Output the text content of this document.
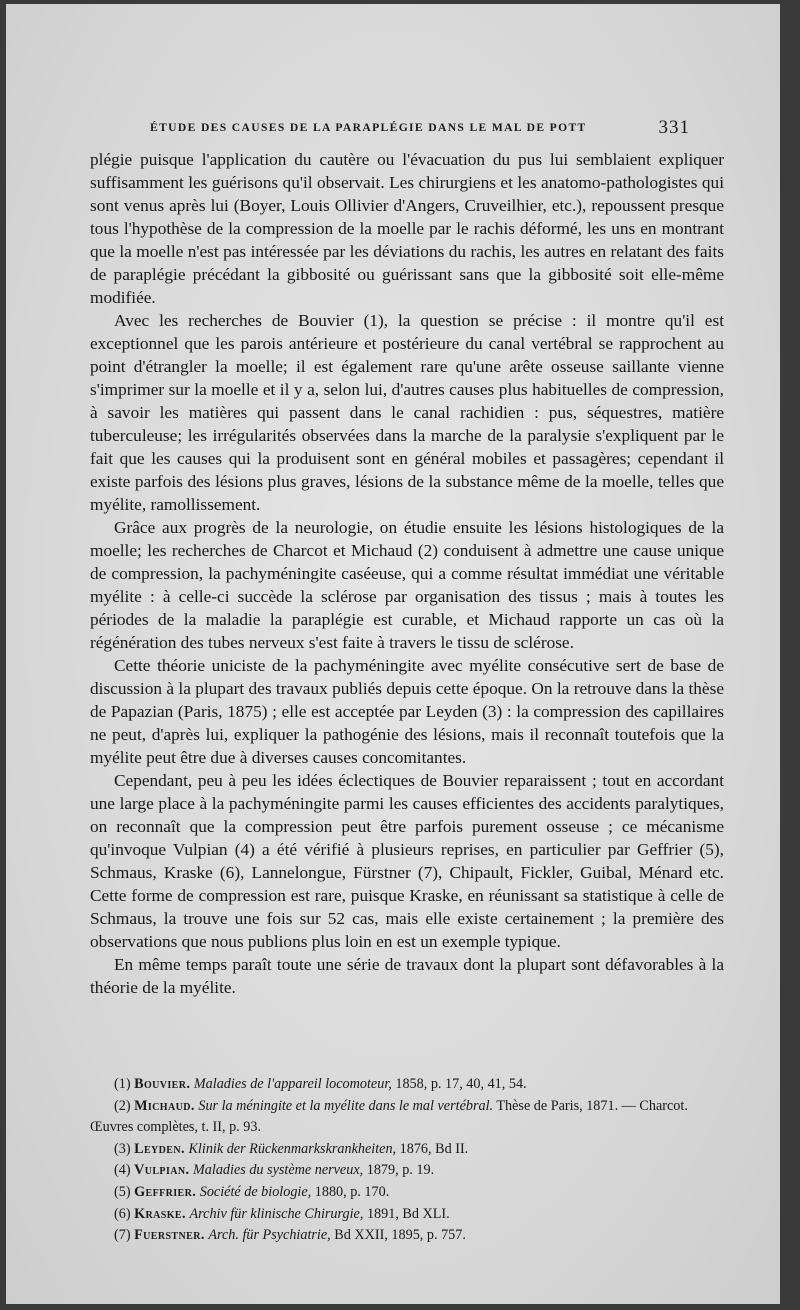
ÉTUDE DES CAUSES DE LA PARAPLÉGIE DANS LE MAL DE POTT	331

plégie puisque l'application du cautère ou l'évacuation du pus lui semblaient expliquer suffisamment les guérisons qu'il observait. Les chirurgiens et les anatomo-pathologistes qui sont venus après lui (Boyer, Louis Ollivier d'Angers, Cruveilhier, etc.), repoussent presque tous l'hypothèse de la compression de la moelle par le rachis déformé, les uns en montrant que la moelle n'est pas intéressée par les déviations du rachis, les autres en relatant des faits de paraplégie précédant la gibbosité ou guérissant sans que la gibbosité soit elle-même modifiée.

Avec les recherches de Bouvier (1), la question se précise : il montre qu'il est exceptionnel que les parois antérieure et postérieure du canal vertébral se rapprochent au point d'étrangler la moelle; il est également rare qu'une arête osseuse saillante vienne s'imprimer sur la moelle et il y a, selon lui, d'autres causes plus habituelles de compression, à savoir les matières qui passent dans le canal rachidien : pus, séquestres, matière tuberculeuse; les irrégularités observées dans la marche de la paralysie s'expliquent par le fait que les causes qui la produisent sont en général mobiles et passagères; cependant il existe parfois des lésions plus graves, lésions de la substance même de la moelle, telles que myélite, ramollissement.

Grâce aux progrès de la neurologie, on étudie ensuite les lésions histologiques de la moelle; les recherches de Charcot et Michaud (2) conduisent à admettre une cause unique de compression, la pachyméningite caséeuse, qui a comme résultat immédiat une véritable myélite : à celle-ci succède la sclérose par organisation des tissus ; mais à toutes les périodes de la maladie la paraplégie est curable, et Michaud rapporte un cas où la régénération des tubes nerveux s'est faite à travers le tissu de sclérose.

Cette théorie uniciste de la pachyméningite avec myélite consécutive sert de base de discussion à la plupart des travaux publiés depuis cette époque. On la retrouve dans la thèse de Papazian (Paris, 1875) ; elle est acceptée par Leyden (3) : la compression des capillaires ne peut, d'après lui, expliquer la pathogénie des lésions, mais il reconnaît toutefois que la myélite peut être due à diverses causes concomitantes.

Cependant, peu à peu les idées éclectiques de Bouvier reparaissent ; tout en accordant une large place à la pachyméningite parmi les causes efficientes des accidents paralytiques, on reconnaît que la compression peut être parfois purement osseuse ; ce mécanisme qu'invoque Vulpian (4) a été vérifié à plusieurs reprises, en particulier par Geffrier (5), Schmaus, Kraske (6), Lannelongue, Fürstner (7), Chipault, Fickler, Guibal, Ménard etc. Cette forme de compression est rare, puisque Kraske, en réunissant sa statistique à celle de Schmaus, la trouve une fois sur 52 cas, mais elle existe certainement ; la première des observations que nous publions plus loin en est un exemple typique.

En même temps paraît toute une série de travaux dont la plupart sont défavorables à la théorie de la myélite.

(1) Bouvier. Maladies de l'appareil locomoteur, 1858, p. 17, 40, 41, 54.

(2) Michaud. Sur la méningite et la myélite dans le mal vertébral. Thèse de Paris, 1871. — Charcot. Œuvres complètes, t. II, p. 93.

(3) Leyden. Klinik der Rückenmarkskrankheiten, 1876, Bd II.

(4) Vulpian. Maladies du système nerveux, 1879, p. 19.

(5) Geffrier. Société de biologie, 1880, p. 170.

(6) Kraske. Archiv für klinische Chirurgie, 1891, Bd XLI.

(7) Fuerstner. Arch. für Psychiatrie, Bd XXII, 1895, p. 757.
